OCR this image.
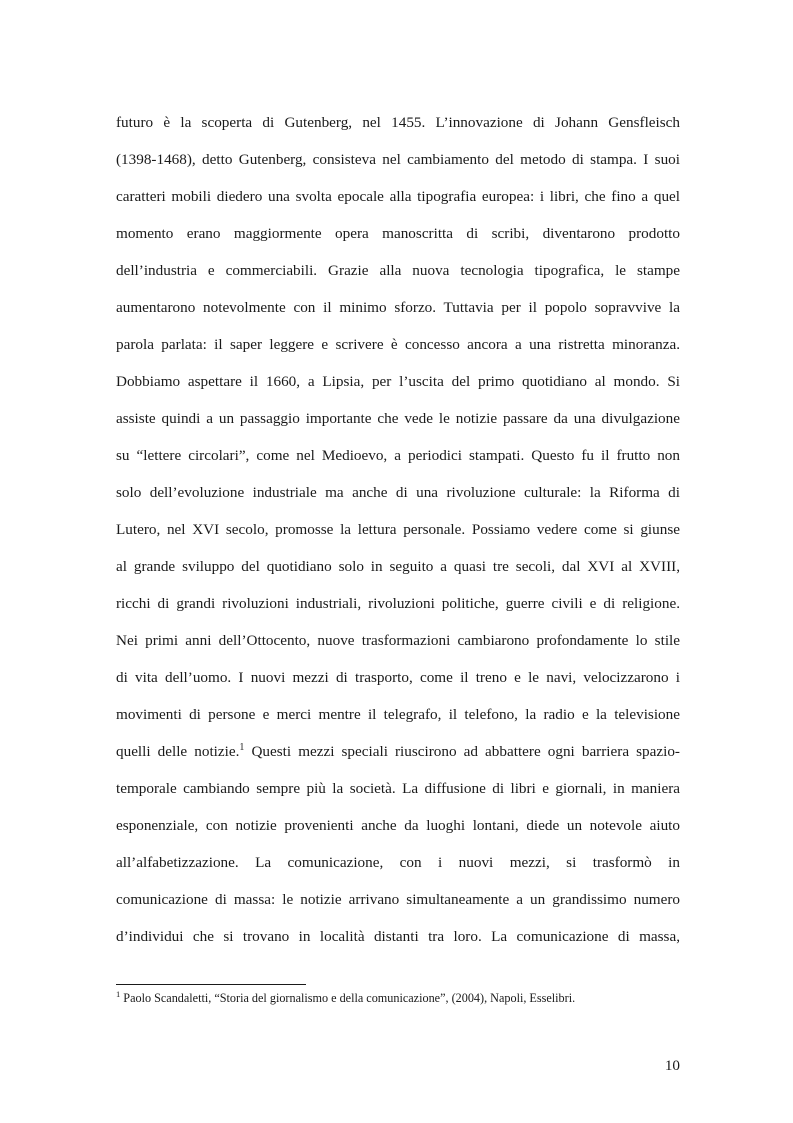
futuro è la scoperta di Gutenberg, nel 1455. L’innovazione di Johann Gensfleisch
(1398-1468), detto Gutenberg, consisteva nel cambiamento del metodo di stampa. I suoi
caratteri mobili diedero una svolta epocale alla tipografia europea: i libri, che fino a quel
momento erano maggiormente opera manoscritta di scribi, diventarono prodotto
dell’industria e commerciabili. Grazie alla nuova tecnologia tipografica, le stampe
aumentarono notevolmente con il minimo sforzo. Tuttavia per il popolo sopravvive la
parola parlata: il saper leggere e scrivere è concesso ancora a una ristretta minoranza.
Dobbiamo aspettare il 1660, a Lipsia, per l’uscita del primo quotidiano al mondo. Si
assiste quindi a un passaggio importante che vede le notizie passare da una divulgazione
su “lettere circolari”, come nel Medioevo, a periodici stampati. Questo fu il frutto non
solo dell’evoluzione industriale ma anche di una rivoluzione culturale: la Riforma di
Lutero, nel XVI secolo, promosse la lettura personale. Possiamo vedere come si giunse
al grande sviluppo del quotidiano solo in seguito a quasi tre secoli, dal XVI al XVIII,
ricchi di grandi rivoluzioni industriali, rivoluzioni politiche, guerre civili e di religione.
Nei primi anni dell’Ottocento, nuove trasformazioni cambiarono profondamente lo stile
di vita dell’uomo. I nuovi mezzi di trasporto, come il treno e le navi, velocizzarono i
movimenti di persone e merci mentre il telegrafo, il telefono, la radio e la televisione
quelli delle notizie.$^1$ Questi mezzi speciali riuscirono ad abbattere ogni barriera spazio-
temporale cambiando sempre più la società. La diffusione di libri e giornali, in maniera
esponenziale, con notizie provenienti anche da luoghi lontani, diede un notevole aiuto
all’alfabetizzazione. La comunicazione, con i nuovi mezzi, si trasformò in
comunicazione di massa: le notizie arrivano simultaneamente a un grandissimo numero
d’individui che si trovano in località distanti tra loro. La comunicazione di massa,
$^1$ Paolo Scandaletti, “Storia del giornalismo e della comunicazione”, (2004), Napoli, Esselibri.
10
